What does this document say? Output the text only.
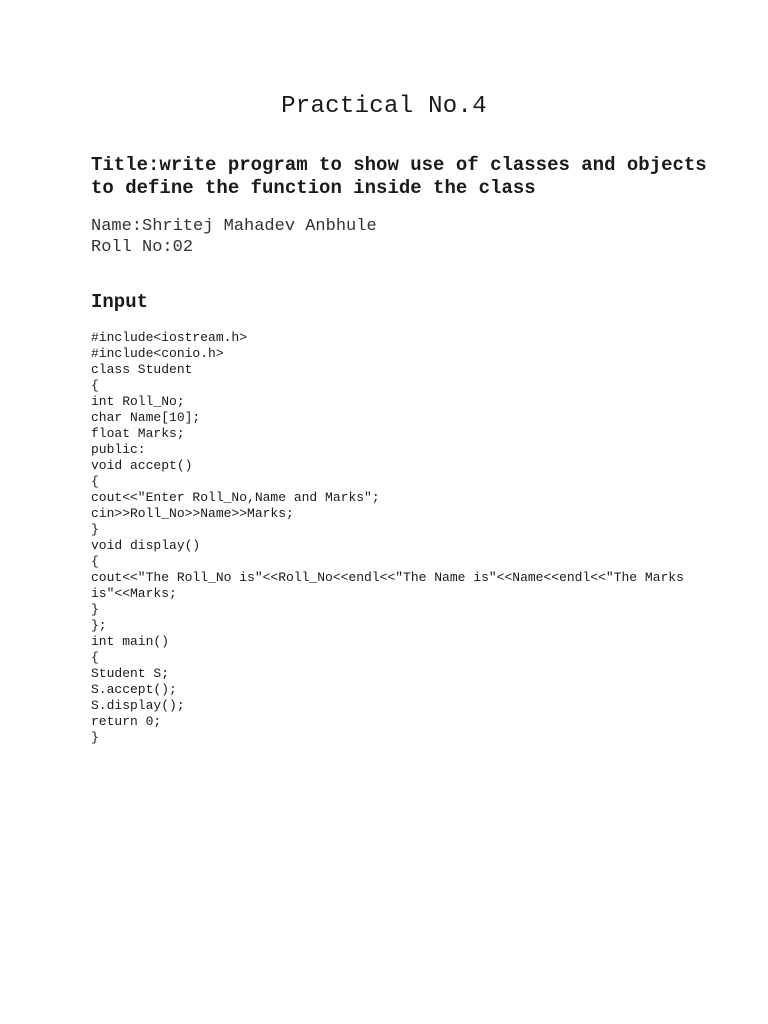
Practical No.4
Title:write program to show use of classes and objects to define the function inside the class
Name:Shritej Mahadev Anbhule
Roll No:02
Input
#include<iostream.h>
#include<conio.h>
class Student
{
int Roll_No;
char Name[10];
float Marks;
public:
void accept()
{
cout<<"Enter Roll_No,Name and Marks";
cin>>Roll_No>>Name>>Marks;
}
void display()
{
cout<<"The Roll_No is"<<Roll_No<<endl<<"The Name is"<<Name<<endl<<"The Marks is"<<Marks;
}
};
int main()
{
Student S;
S.accept();
S.display();
return 0;
}
